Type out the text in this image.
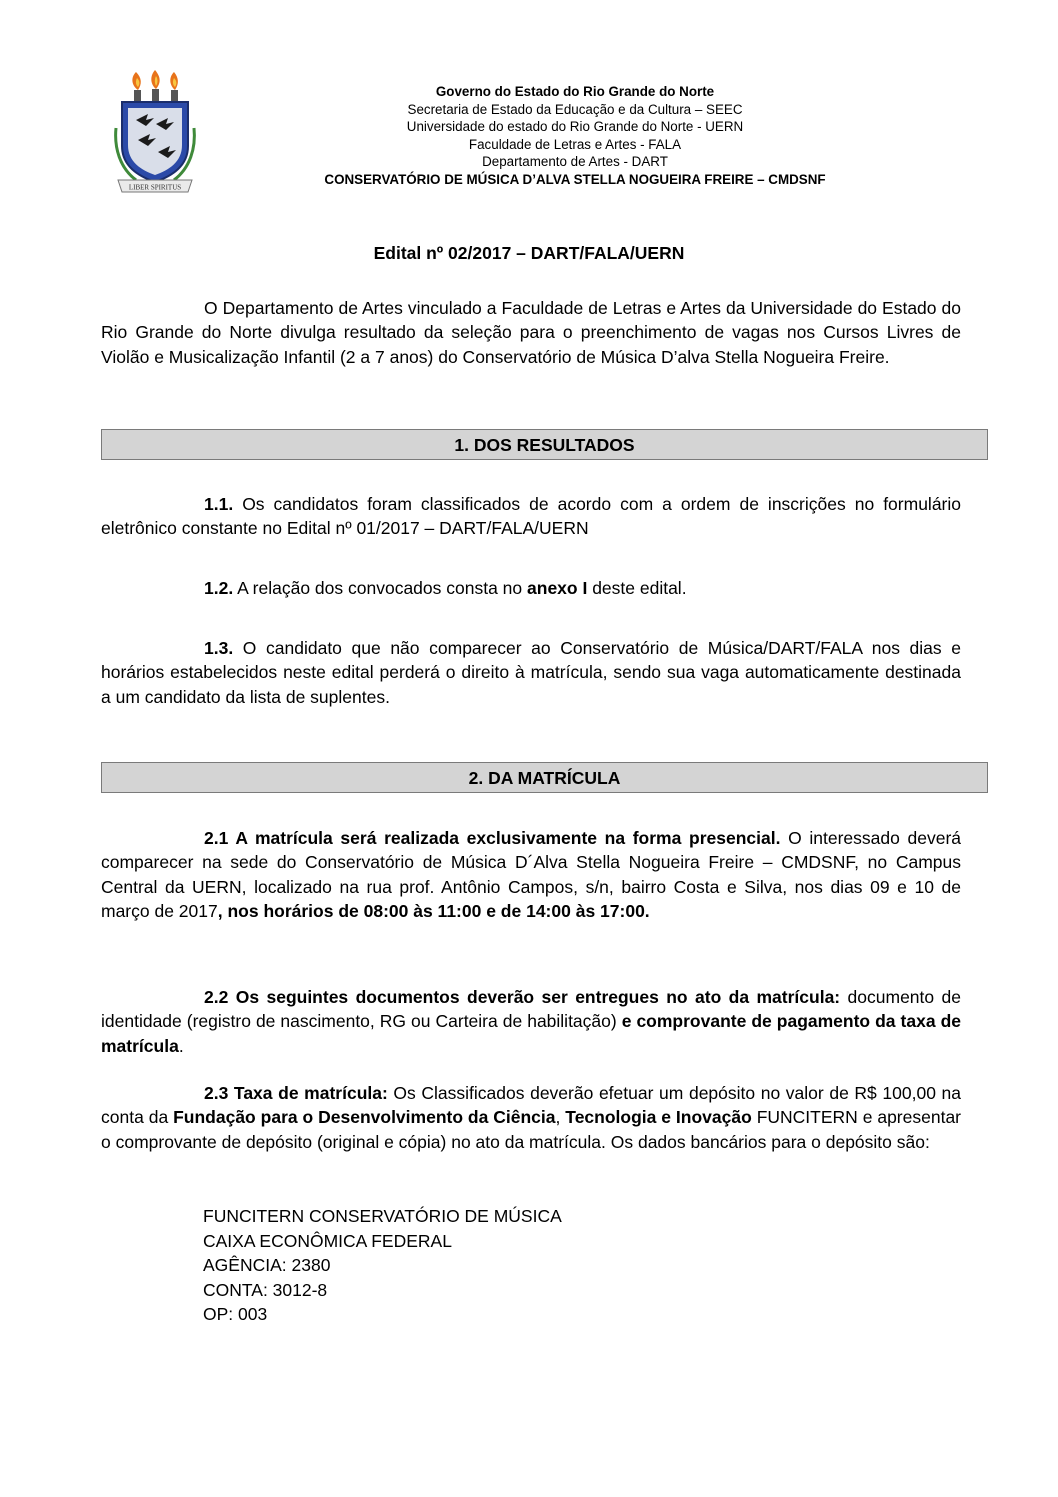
LIBER SPIRITUS
Governo do Estado do Rio Grande do Norte
Secretaria de Estado da Educação e da Cultura – SEEC
Universidade do estado do Rio Grande do Norte - UERN
Faculdade de Letras e Artes - FALA
Departamento de Artes - DART
CONSERVATÓRIO DE MÚSICA D’ALVA STELLA NOGUEIRA FREIRE – CMDSNF
Edital nº 02/2017 – DART/FALA/UERN
O Departamento de Artes vinculado a Faculdade de Letras e Artes da Universidade do Estado do Rio Grande do Norte divulga resultado da seleção para o preenchimento de vagas nos Cursos Livres de Violão e Musicalização Infantil (2 a 7 anos) do Conservatório de Música D’alva Stella Nogueira Freire.
1. DOS RESULTADOS
1.1. Os candidatos foram classificados de acordo com a ordem de inscrições no formulário eletrônico constante no Edital nº 01/2017 – DART/FALA/UERN
1.2. A relação dos convocados consta no anexo I deste edital.
1.3. O candidato que não comparecer ao Conservatório de Música/DART/FALA nos dias e horários estabelecidos neste edital perderá o direito à matrícula, sendo sua vaga automaticamente destinada a um candidato da lista de suplentes.
2. DA MATRÍCULA
2.1 A matrícula será realizada exclusivamente na forma presencial. O interessado deverá comparecer na sede do Conservatório de Música D´Alva Stella Nogueira Freire – CMDSNF, no Campus Central da UERN, localizado na rua prof. Antônio Campos, s/n, bairro Costa e Silva, nos dias 09 e 10 de março de 2017, nos horários de 08:00 às 11:00 e de 14:00 às 17:00.
2.2 Os seguintes documentos deverão ser entregues no ato da matrícula: documento de identidade (registro de nascimento, RG ou Carteira de habilitação) e comprovante de pagamento da taxa de matrícula.
2.3 Taxa de matrícula: Os Classificados deverão efetuar um depósito no valor de R$ 100,00 na conta da Fundação para o Desenvolvimento da Ciência, Tecnologia e Inovação FUNCITERN e apresentar o comprovante de depósito (original e cópia) no ato da matrícula. Os dados bancários para o depósito são:
FUNCITERN CONSERVATÓRIO DE MÚSICA
CAIXA ECONÔMICA FEDERAL
AGÊNCIA: 2380
CONTA: 3012-8
OP: 003
